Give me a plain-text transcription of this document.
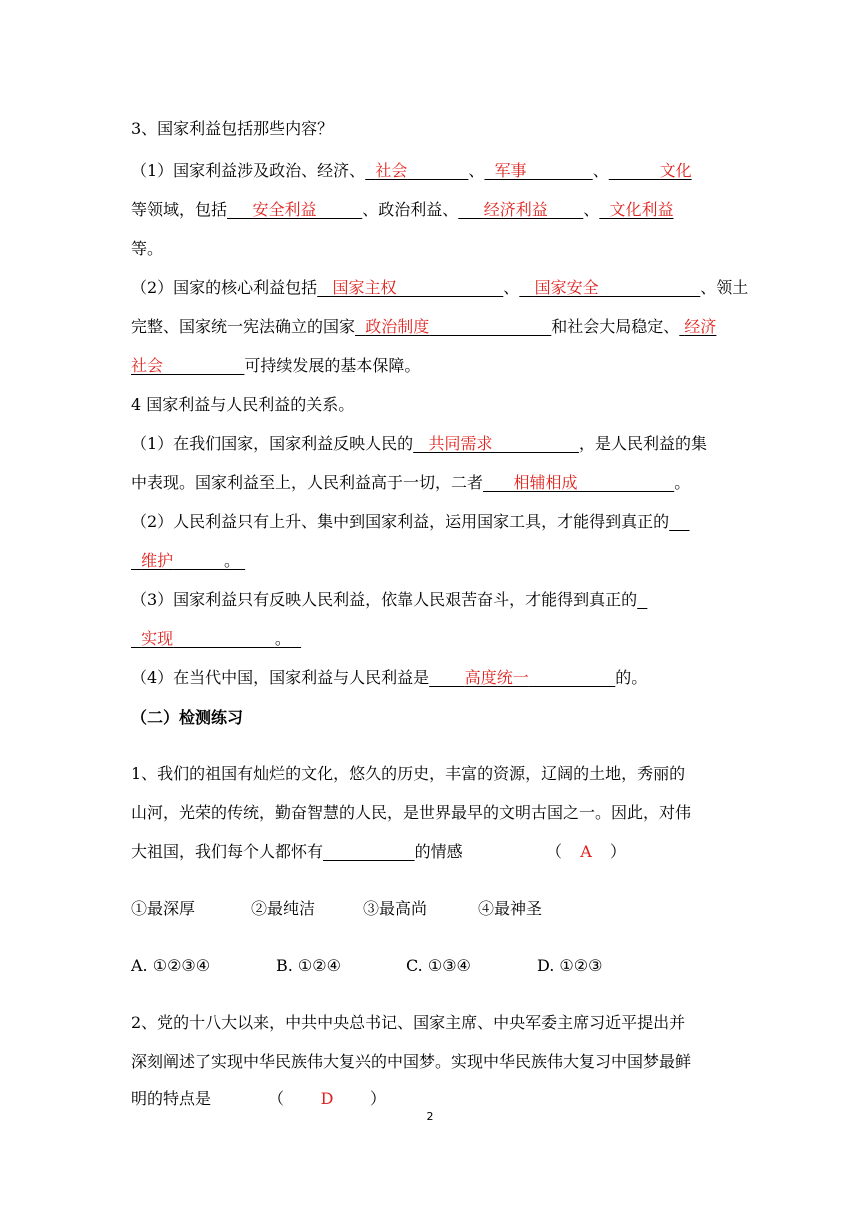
3、国家利益包括那些内容？
（1）国家利益涉及政治、经济、 社会	、 军事	、	文化
等领域，包括 安全利益	、政治利益、 经济利益 、 文化利益
等。
（2）国家的核心利益包括 国家主权	、 国家安全	、领土
完整、国家统一宪法确立的国家 政治制度	和社会大局稳定、 经济
社会	可持续发展的基本保障。
4 国家利益与人民利益的关系。
（1）在我们国家，国家利益反映人民的 共同需求	，是人民利益的集
中表现。国家利益至上，人民利益高于一切，二者 相辅相成	。
（2）人民利益只有上升、集中到国家利益，运用国家工具，才能得到真正的
维护	。
（3）国家利益只有反映人民利益，依靠人民艰苦奋斗，才能得到真正的
实现	。
（4）在当代中国，国家利益与人民利益是 高度统一	的。
（二）检测练习
1、我们的祖国有灿烂的文化，悠久的历史，丰富的资源，辽阔的土地，秀丽的
山河，光荣的传统，勤奋智慧的人民，是世界最早的文明古国之一。因此，对伟
大祖国，我们每个人都怀有	的情感	（ A ）
①最深厚	②最纯洁	③最高尚	④最神圣
A. ①②③④	B. ①②④	C. ①③④	D. ①②③
2、党的十八大以来，中共中央总书记、国家主席、中央军委主席习近平提出并
深刻阐述了实现中华民族伟大复兴的中国梦。实现中华民族伟大复习中国梦最鲜
明的特点是	（ D ）
2
